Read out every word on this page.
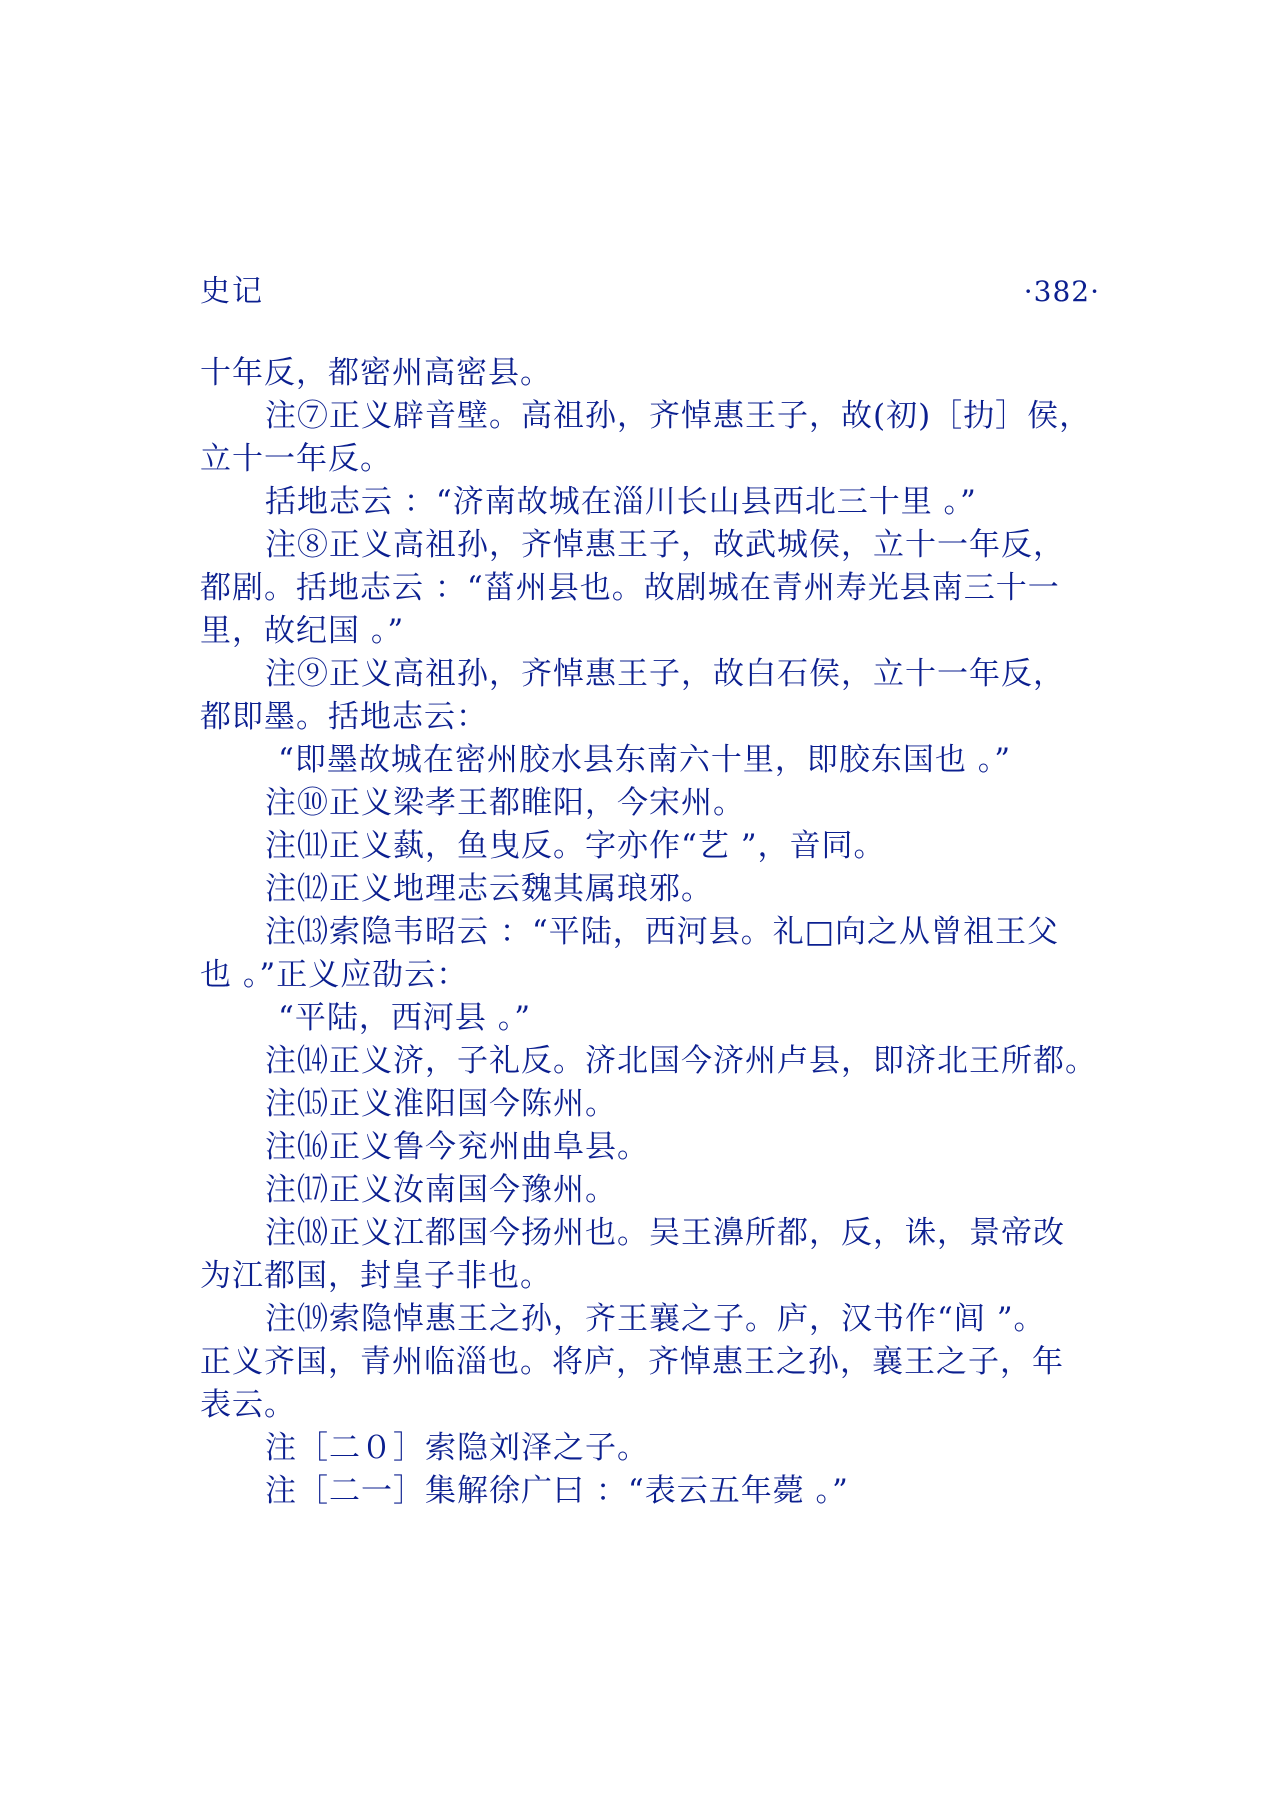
史记	·382·
十年反，都密州高密县。
注⑦正义辟音壁。高祖孙，齐悼惠王子，故(初)［扐］侯，
立十一年反。
括地志云 ：“济南故城在淄川长山县西北三十里 。”
注⑧正义高祖孙，齐悼惠王子，故武城侯，立十一年反，
都剧。括地志云 ：“菑州县也。故剧城在青州寿光县南三十一
里，故纪国 。”
注⑨正义高祖孙，齐悼惠王子，故白石侯，立十一年反，
都即墨。括地志云：
“即墨故城在密州胶水县东南六十里，即胶东国也 。”
注⑩正义梁孝王都睢阳，今宋州。
注⑾正义蓺，鱼曳反。字亦作“艺 ”，音同。
注⑿正义地理志云魏其属琅邪。
注⒀索隐韦昭云 ：“平陆，西河县。礼□向之从曾祖王父
也 。”正义应劭云：
“平陆，西河县 。”
注⒁正义济，子礼反。济北国今济州卢县，即济北王所都。
注⒂正义淮阳国今陈州。
注⒃正义鲁今兖州曲阜县。
注⒄正义汝南国今豫州。
注⒅正义江都国今扬州也。吴王濞所都，反，诛，景帝改
为江都国，封皇子非也。
注⒆索隐悼惠王之孙，齐王襄之子。庐，汉书作“闾 ”。
正义齐国，青州临淄也。将庐，齐悼惠王之孙，襄王之子，年
表云。
注［二０］索隐刘泽之子。
注［二一］集解徐广曰 ：“表云五年薨 。”
